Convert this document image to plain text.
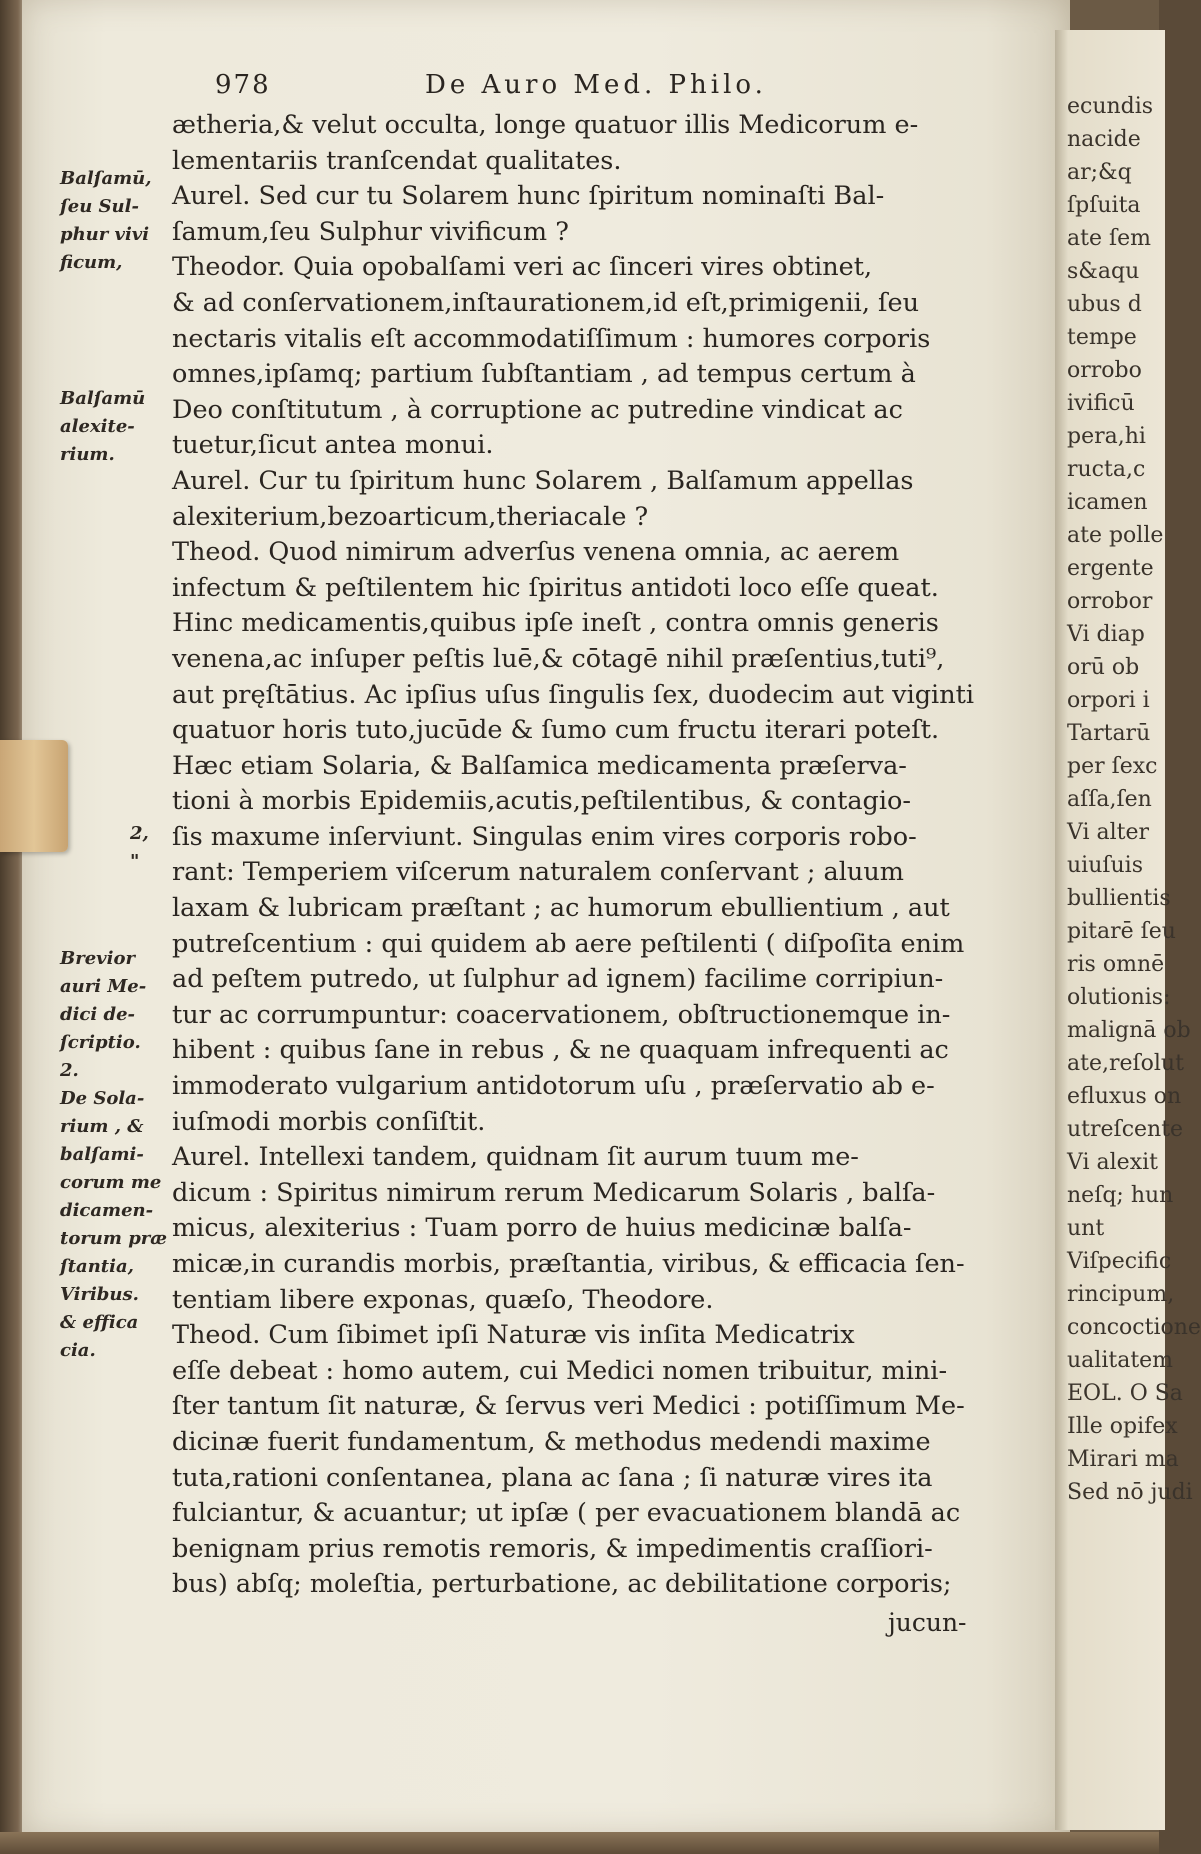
ecundis
nacide
ar;&q
ſpſuita
ate ſem
s&aqu
ubus d
tempe
orrobo
ivificū
pera,hi
ructa,c
icamen
ate polle
ergente
orrobor
Vi diap
orū ob
orpori i
Tartarū
per ſexc
aſſa,ſen
Vi alter
uiuſuis
bullientis
pitarē ſeu
ris omnē
olutionis:
malignā ob
ate,reſolut
efluxus on
utreſcente
Vi alexit
neſq; hun
unt
Viſpecific
rincipum,
concoctione
ualitatem
EOL. O Sa
Ille opifex
Mirari ma
Sed nō judi
978	De Auro Med. Philo.
ætheria,& velut occulta, longe quatuor illis Medicorum e-
lementariis tranſcendat qualitates.
Aurel. Sed cur tu Solarem hunc ſpiritum nominaſti Bal-
ſamum,ſeu Sulphur vivificum ?
Theodor. Quia opobalſami veri ac ſinceri vires obtinet,
& ad conſervationem,inſtaurationem,id eſt,primigenii, ſeu
nectaris vitalis eſt accommodatiſſimum : humores corporis
omnes,ipſamq; partium ſubſtantiam , ad tempus certum à
Deo conſtitutum , à corruptione ac putredine vindicat ac
tuetur,ſicut antea monui.
Aurel. Cur tu ſpiritum hunc Solarem , Balſamum appellas
alexiterium,bezoarticum,theriacale ?
Theod. Quod nimirum adverſus venena omnia, ac aerem
infectum & peſtilentem hic ſpiritus antidoti loco eſſe queat.
Hinc medicamentis,quibus ipſe ineſt , contra omnis generis
venena,ac inſuper peſtis luē,& cōtagē nihil præſentius,tuti⁹,
aut pręſtātius. Ac ipſius uſus ſingulis ſex, duodecim aut viginti
quatuor horis tuto,jucūde & ſumo cum fructu iterari poteſt.
Hæc etiam Solaria, & Balſamica medicamenta præſerva-
tioni à morbis Epidemiis,acutis,peſtilentibus, & contagio-
ſis maxume inſerviunt. Singulas enim vires corporis robo-
rant: Temperiem viſcerum naturalem conſervant ; aluum
laxam & lubricam præſtant ; ac humorum ebullientium , aut
putreſcentium : qui quidem ab aere peſtilenti ( diſpoſita enim
ad peſtem putredo, ut ſulphur ad ignem) facilime corripiun-
tur ac corrumpuntur: coacervationem, obſtructionemque in-
hibent : quibus ſane in rebus , & ne quaquam infrequenti ac
immoderato vulgarium antidotorum uſu , præſervatio ab e-
iuſmodi morbis conſiſtit.
Aurel. Intellexi tandem, quidnam ſit aurum tuum me-
dicum : Spiritus nimirum rerum Medicarum Solaris , balſa-
micus, alexiterius : Tuam porro de huius medicinæ balſa-
micæ,in curandis morbis, præſtantia, viribus, & efficacia ſen-
tentiam libere exponas, quæſo, Theodore.
Theod. Cum ſibimet ipſi Naturæ vis inſita Medicatrix
eſſe debeat : homo autem, cui Medici nomen tribuitur, mini-
ſter tantum ſit naturæ, & ſervus veri Medici : potiſſimum Me-
dicinæ fuerit fundamentum, & methodus medendi maxime
tuta,rationi conſentanea, plana ac ſana ; ſi naturæ vires ita
fulciantur, & acuantur; ut ipſæ ( per evacuationem blandā ac
benignam prius remotis remoris, & impedimentis craſſiori-
bus) abſq; moleſtia, perturbatione, ac debilitatione corporis;
Balſamū,
ſeu Sul-
phur vivi
ficum,
Balſamū
alexite-
rium.
2,
"
Brevior
auri Me-
dici de-
ſcriptio.
2.
De Sola-
rium , &
balſami-
corum me
dicamen-
torum præ
ſtantia,
Viribus.
& effica
cia.
jucun-
